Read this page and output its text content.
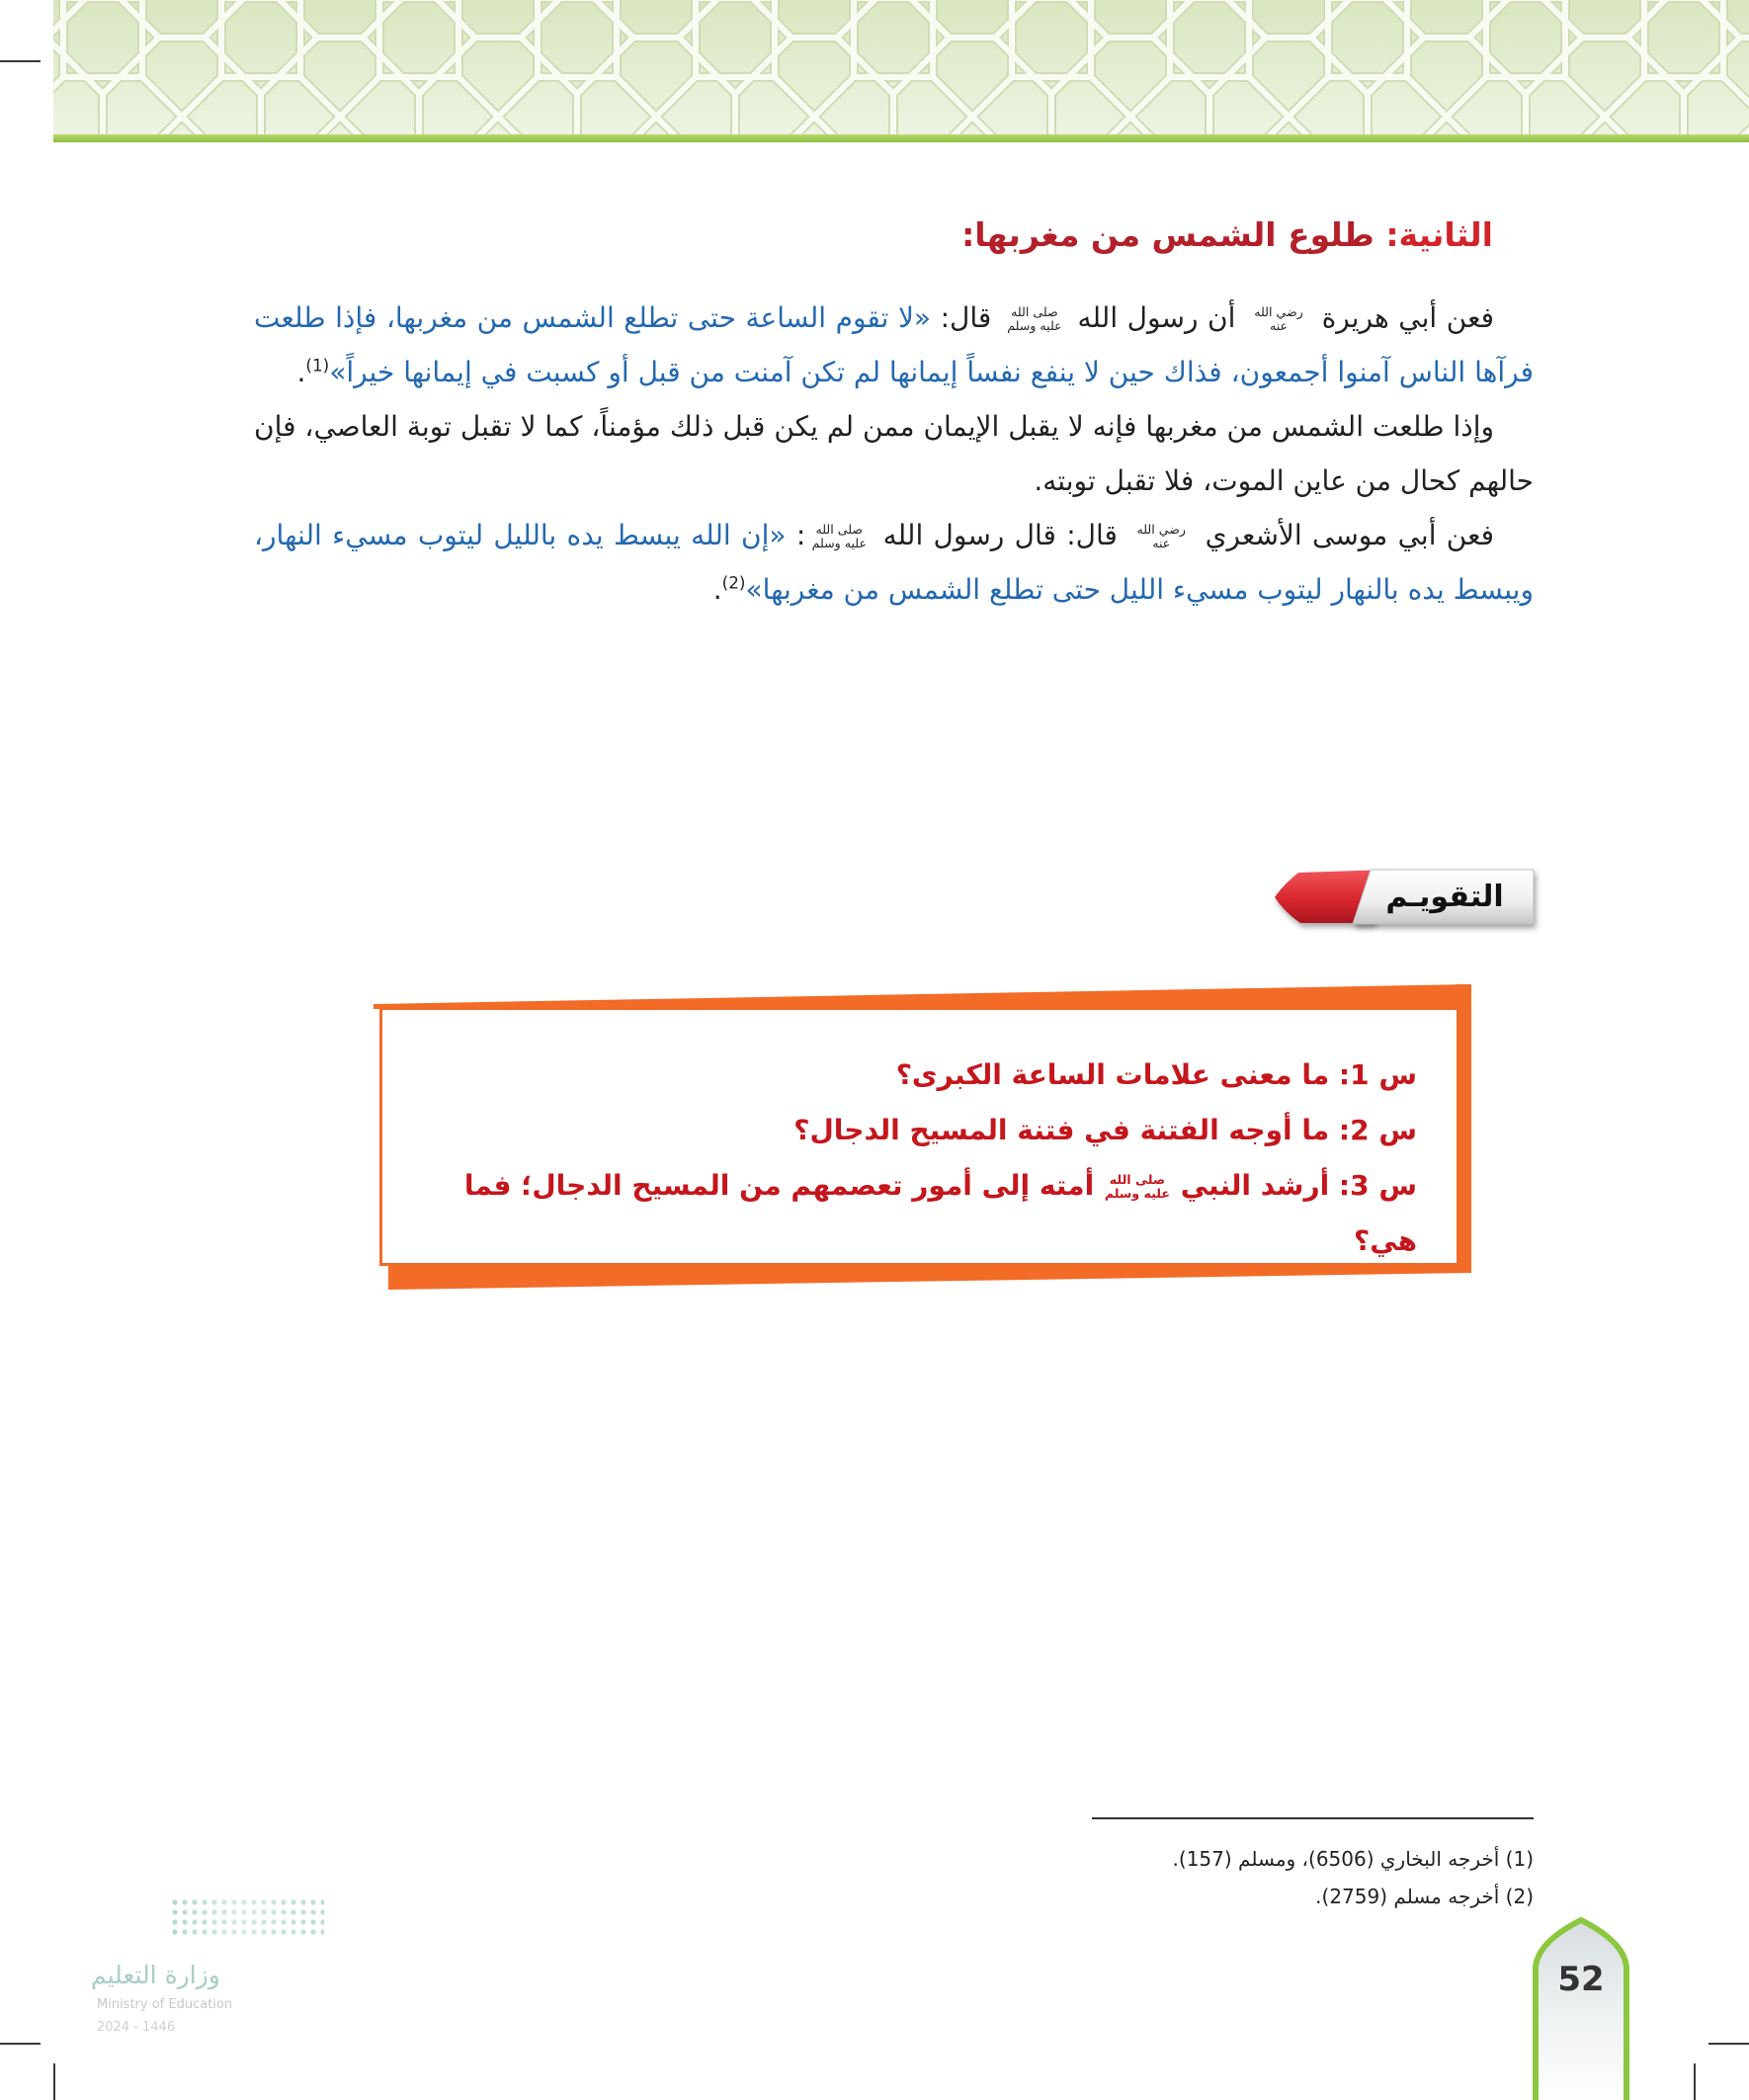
الثانية: طلوع الشمس من مغربها:

فعن أبي هريرة رضي الله عنه أن رسول الله صلى الله عليه وسلم قال: «لا تقوم الساعة حتى تطلع الشمس من مغربها، فإذا طلعت فرآها الناس آمنوا أجمعون، فذاك حين لا ينفع نفساً إيمانها لم تكن آمنت من قبل أو كسبت في إيمانها خيراً»$^{(1)}$.

وإذا طلعت الشمس من مغربها فإنه لا يقبل الإيمان ممن لم يكن قبل ذلك مؤمناً، كما لا تقبل توبة العاصي، فإن حالهم كحال من عاين الموت، فلا تقبل توبته.

فعن أبي موسى الأشعري رضي الله عنه قال: قال رسول الله صلى الله عليه وسلم: «إن الله يبسط يده بالليل ليتوب مسيء النهار، ويبسط يده بالنهار ليتوب مسيء الليل حتى تطلع الشمس من مغربها»$^{(2)}$.

التقويـم
س 1: ما معنى علامات الساعة الكبرى؟
س 2: ما أوجه الفتنة في فتنة المسيح الدجال؟
س 3: أرشد النبي صلى الله عليه وسلم أمته إلى أمور تعصمهم من المسيح الدجال؛ فما هي؟
(1) أخرجه البخاري (6506)، ومسلم (157).
(2) أخرجه مسلم (2759).
وزارة التعليم
Ministry of Education
2024 - 1446
52
